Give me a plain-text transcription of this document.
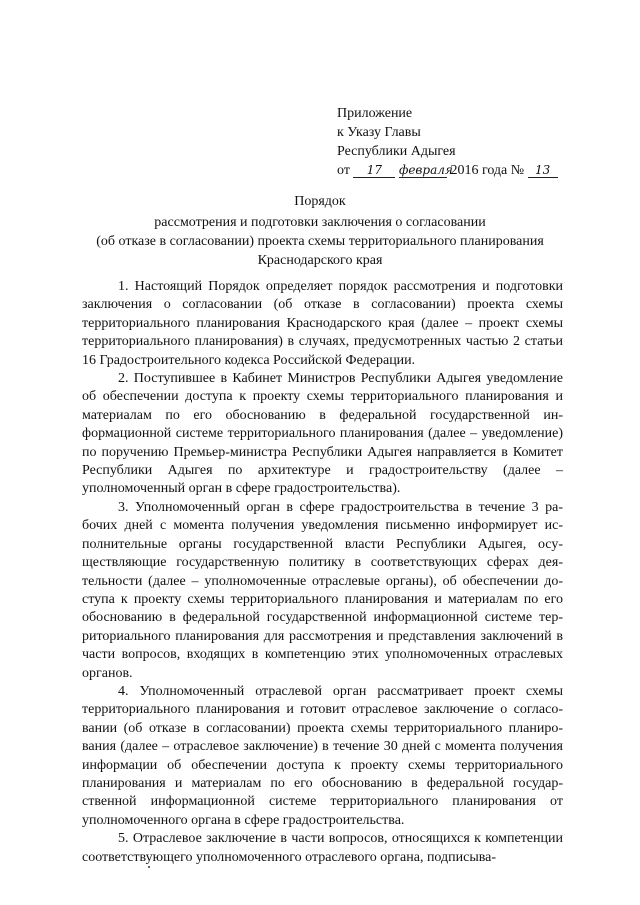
Приложение
к Указу Главы
Республики Адыгея
от 17 февраля 2016 года № 13
Порядок
рассмотрения и подготовки заключения о согласовании
(об отказе в согласовании) проекта схемы территориального планирования
Краснодарского края

1. Настоящий Порядок определяет порядок рассмотрения и подготовки заключения о согласовании (об отказе в согласовании) проекта схемы территориального планирования Краснодарского края (далее – проект схемы территориального планирования) в случаях, предусмотренных частью 2 статьи 16 Градостроительного кодекса Российской Федерации.

2. Поступившее в Кабинет Министров Республики Адыгея уведомление об обеспечении доступа к проекту схемы территориального планирования и материалам по его обоснованию в федеральной государственной информационной системе территориального планирования (далее – уведомление) по поручению Премьер-министра Республики Адыгея направляется в Комитет Республики Адыгея по архитектуре и градостроительству (далее – уполномоченный орган в сфере градостроительства).

3. Уполномоченный орган в сфере градостроительства в течение 3 рабочих дней с момента получения уведомления письменно информирует исполнительные органы государственной власти Республики Адыгея, осуществляющие государственную политику в соответствующих сферах деятельности (далее – уполномоченные отраслевые органы), об обеспечении доступа к проекту схемы территориального планирования и материалам по его обоснованию в федеральной государственной информационной системе территориального планирования для рассмотрения и представления заключений в части вопросов, входящих в компетенцию этих уполномоченных отраслевых органов.

4. Уполномоченный отраслевой орган рассматривает проект схемы территориального планирования и готовит отраслевое заключение о согласовании (об отказе в согласовании) проекта схемы территориального планирования (далее – отраслевое заключение) в течение 30 дней с момента получения информации об обеспечении доступа к проекту схемы территориального планирования и материалам по его обоснованию в федеральной государственной информационной системе территориального планирования от уполномоченного органа в сфере градостроительства.

5. Отраслевое заключение в части вопросов, относящихся к компетенции соответствующего уполномоченного отраслевого органа, подписыва-
